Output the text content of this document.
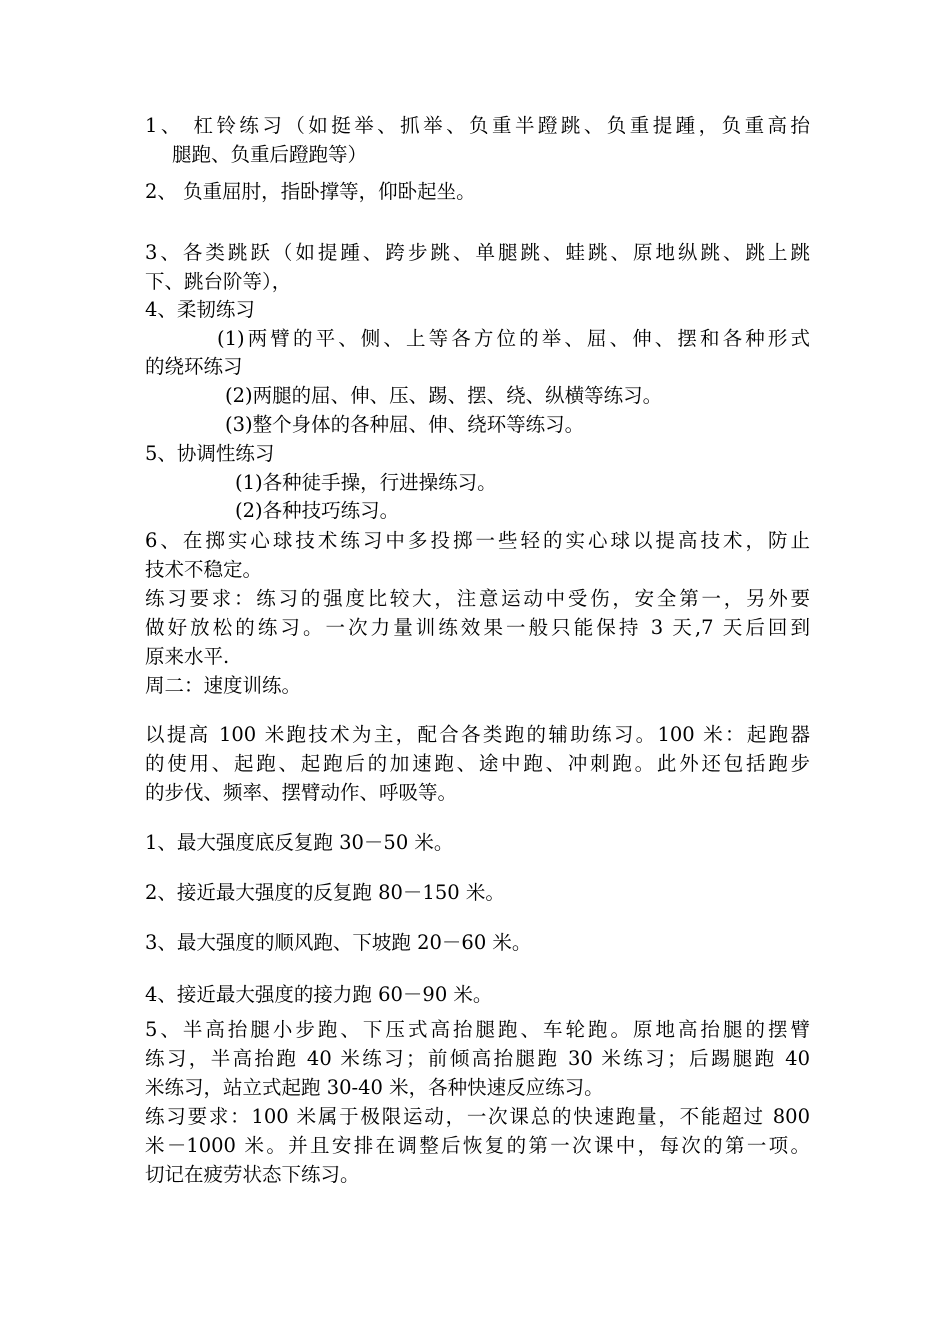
1、 杠铃练习（如挺举、抓举、负重半蹬跳、负重提踵，负重高抬
腿跑、负重后蹬跑等）
2、 负重屈肘，指卧撑等，仰卧起坐。
3、各类跳跃（如提踵、跨步跳、单腿跳、蛙跳、原地纵跳、跳上跳
下、跳台阶等），
4、柔韧练习
(1)两臂的平、侧、上等各方位的举、屈、伸、摆和各种形式
的绕环练习
(2)两腿的屈、伸、压、踢、摆、绕、纵横等练习。
(3)整个身体的各种屈、伸、绕环等练习。
5、协调性练习
(1)各种徒手操，行进操练习。
(2)各种技巧练习。
6、在掷实心球技术练习中多投掷一些轻的实心球以提高技术，防止
技术不稳定。
练习要求：练习的强度比较大，注意运动中受伤，安全第一，另外要
做好放松的练习。一次力量训练效果一般只能保持 3 天,7 天后回到
原来水平.
周二：速度训练。
以提高 100 米跑技术为主，配合各类跑的辅助练习。100 米：起跑器
的使用、起跑、起跑后的加速跑、途中跑、冲刺跑。此外还包括跑步
的步伐、频率、摆臂动作、呼吸等。
1、最大强度底反复跑 30－50 米。
2、接近最大强度的反复跑 80－150 米。
3、最大强度的顺风跑、下坡跑 20－60 米。
4、接近最大强度的接力跑 60－90 米。
5、半高抬腿小步跑、下压式高抬腿跑、车轮跑。原地高抬腿的摆臂
练习，半高抬跑 40 米练习；前倾高抬腿跑 30 米练习；后踢腿跑 40
米练习，站立式起跑 30-40 米，各种快速反应练习。
练习要求：100 米属于极限运动，一次课总的快速跑量，不能超过 800
米－1000 米。并且安排在调整后恢复的第一次课中，每次的第一项。
切记在疲劳状态下练习。
